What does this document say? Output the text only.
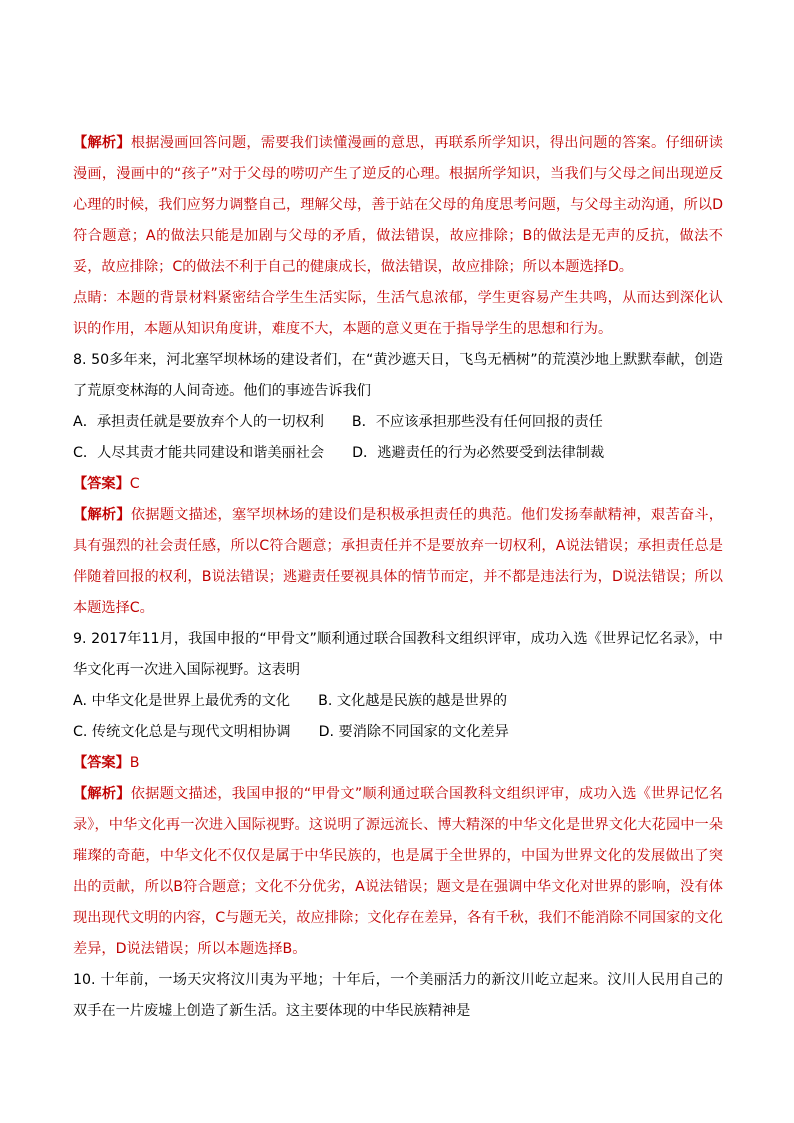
【解析】根据漫画回答问题，需要我们读懂漫画的意思，再联系所学知识，得出问题的答案。仔细研读漫画，漫画中的“孩子”对于父母的唠叨产生了逆反的心理。根据所学知识，当我们与父母之间出现逆反心理的时候，我们应努力调整自己，理解父母，善于站在父母的角度思考问题，与父母主动沟通，所以D符合题意；A的做法只能是加剧与父母的矛盾，做法错误，故应排除；B的做法是无声的反抗，做法不妥，故应排除；C的做法不利于自己的健康成长，做法错误，故应排除；所以本题选择D。

点睛：本题的背景材料紧密结合学生生活实际，生活气息浓郁，学生更容易产生共鸣，从而达到深化认识的作用，本题从知识角度讲，难度不大，本题的意义更在于指导学生的思想和行为。

8. 50多年来，河北塞罕坝林场的建设者们，在“黄沙遮天日，飞鸟无栖树”的荒漠沙地上默默奉献，创造了荒原变林海的人间奇迹。他们的事迹告诉我们

A．承担责任就是要放弃个人的一切权利 B．不应该承担那些没有任何回报的责任
C．人尽其责才能共同建设和谐美丽社会 D．逃避责任的行为必然要受到法律制裁

【答案】C

【解析】依据题文描述，塞罕坝林场的建设们是积极承担责任的典范。他们发扬奉献精神，艰苦奋斗，具有强烈的社会责任感，所以C符合题意；承担责任并不是要放弃一切权利，A说法错误；承担责任总是伴随着回报的权利，B说法错误；逃避责任要视具体的情节而定，并不都是违法行为，D说法错误；所以本题选择C。

9. 2017年11月，我国申报的“甲骨文”顺利通过联合国教科文组织评审，成功入选《世界记忆名录》，中华文化再一次进入国际视野。这表明

A. 中华文化是世界上最优秀的文化 B. 文化越是民族的越是世界的
C. 传统文化总是与现代文明相协调 D. 要消除不同国家的文化差异

【答案】B

【解析】依据题文描述，我国申报的“甲骨文”顺利通过联合国教科文组织评审，成功入选《世界记忆名录》，中华文化再一次进入国际视野。这说明了源远流长、博大精深的中华文化是世界文化大花园中一朵璀璨的奇葩，中华文化不仅仅是属于中华民族的，也是属于全世界的，中国为世界文化的发展做出了突出的贡献，所以B符合题意；文化不分优劣，A说法错误；题文是在强调中华文化对世界的影响，没有体现出现代文明的内容，C与题无关，故应排除；文化存在差异，各有千秋，我们不能消除不同国家的文化差异，D说法错误；所以本题选择B。

10. 十年前，一场天灾将汶川夷为平地；十年后，一个美丽活力的新汶川屹立起来。汶川人民用自己的双手在一片废墟上创造了新生活。这主要体现的中华民族精神是
